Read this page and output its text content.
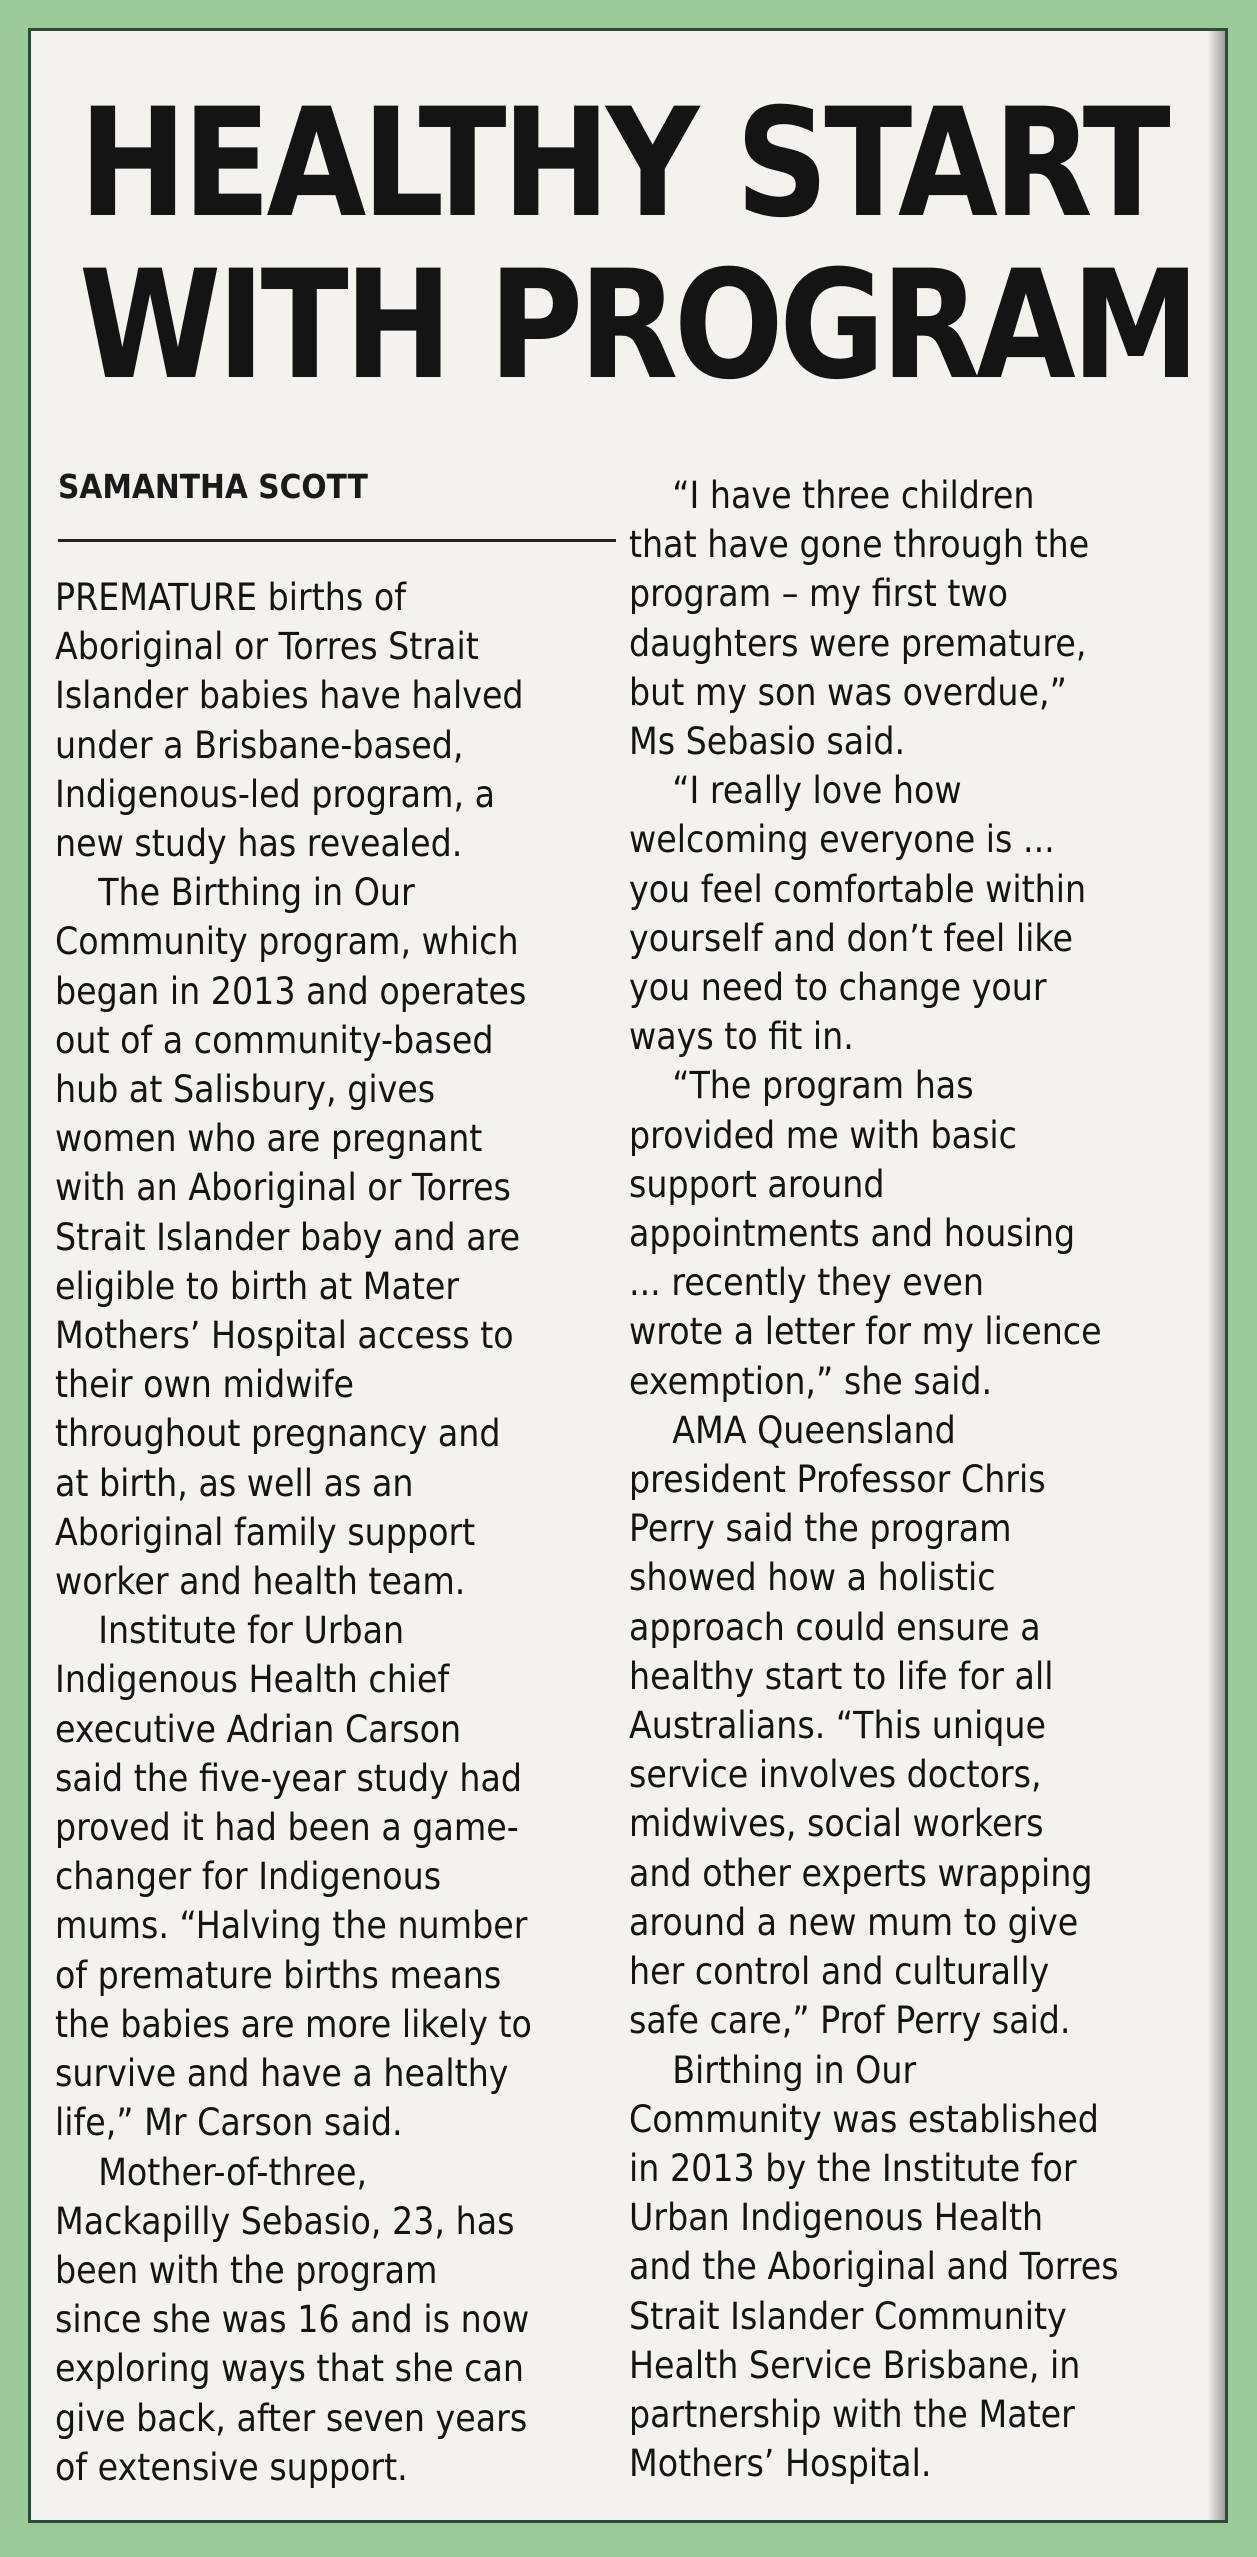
HEALTHY START
WITH PROGRAM
SAMANTHA SCOTT
PREMATURE births of
Aboriginal or Torres Strait
Islander babies have halved
under a Brisbane-based,
Indigenous-led program, a
new study has revealed.
The Birthing in Our
Community program, which
began in 2013 and operates
out of a community-based
hub at Salisbury, gives
women who are pregnant
with an Aboriginal or Torres
Strait Islander baby and are
eligible to birth at Mater
Mothers’ Hospital access to
their own midwife
throughout pregnancy and
at birth, as well as an
Aboriginal family support
worker and health team.
Institute for Urban
Indigenous Health chief
executive Adrian Carson
said the five-year study had
proved it had been a game-
changer for Indigenous
mums. “Halving the number
of premature births means
the babies are more likely to
survive and have a healthy
life,” Mr Carson said.
Mother-of-three,
Mackapilly Sebasio, 23, has
been with the program
since she was 16 and is now
exploring ways that she can
give back, after seven years
of extensive support.
“I have three children
that have gone through the
program – my first two
daughters were premature,
but my son was overdue,”
Ms Sebasio said.
“I really love how
welcoming everyone is ...
you feel comfortable within
yourself and don’t feel like
you need to change your
ways to fit in.
“The program has
provided me with basic
support around
appointments and housing
... recently they even
wrote a letter for my licence
exemption,” she said.
AMA Queensland
president Professor Chris
Perry said the program
showed how a holistic
approach could ensure a
healthy start to life for all
Australians. “This unique
service involves doctors,
midwives, social workers
and other experts wrapping
around a new mum to give
her control and culturally
safe care,” Prof Perry said.
Birthing in Our
Community was established
in 2013 by the Institute for
Urban Indigenous Health
and the Aboriginal and Torres
Strait Islander Community
Health Service Brisbane, in
partnership with the Mater
Mothers’ Hospital.
